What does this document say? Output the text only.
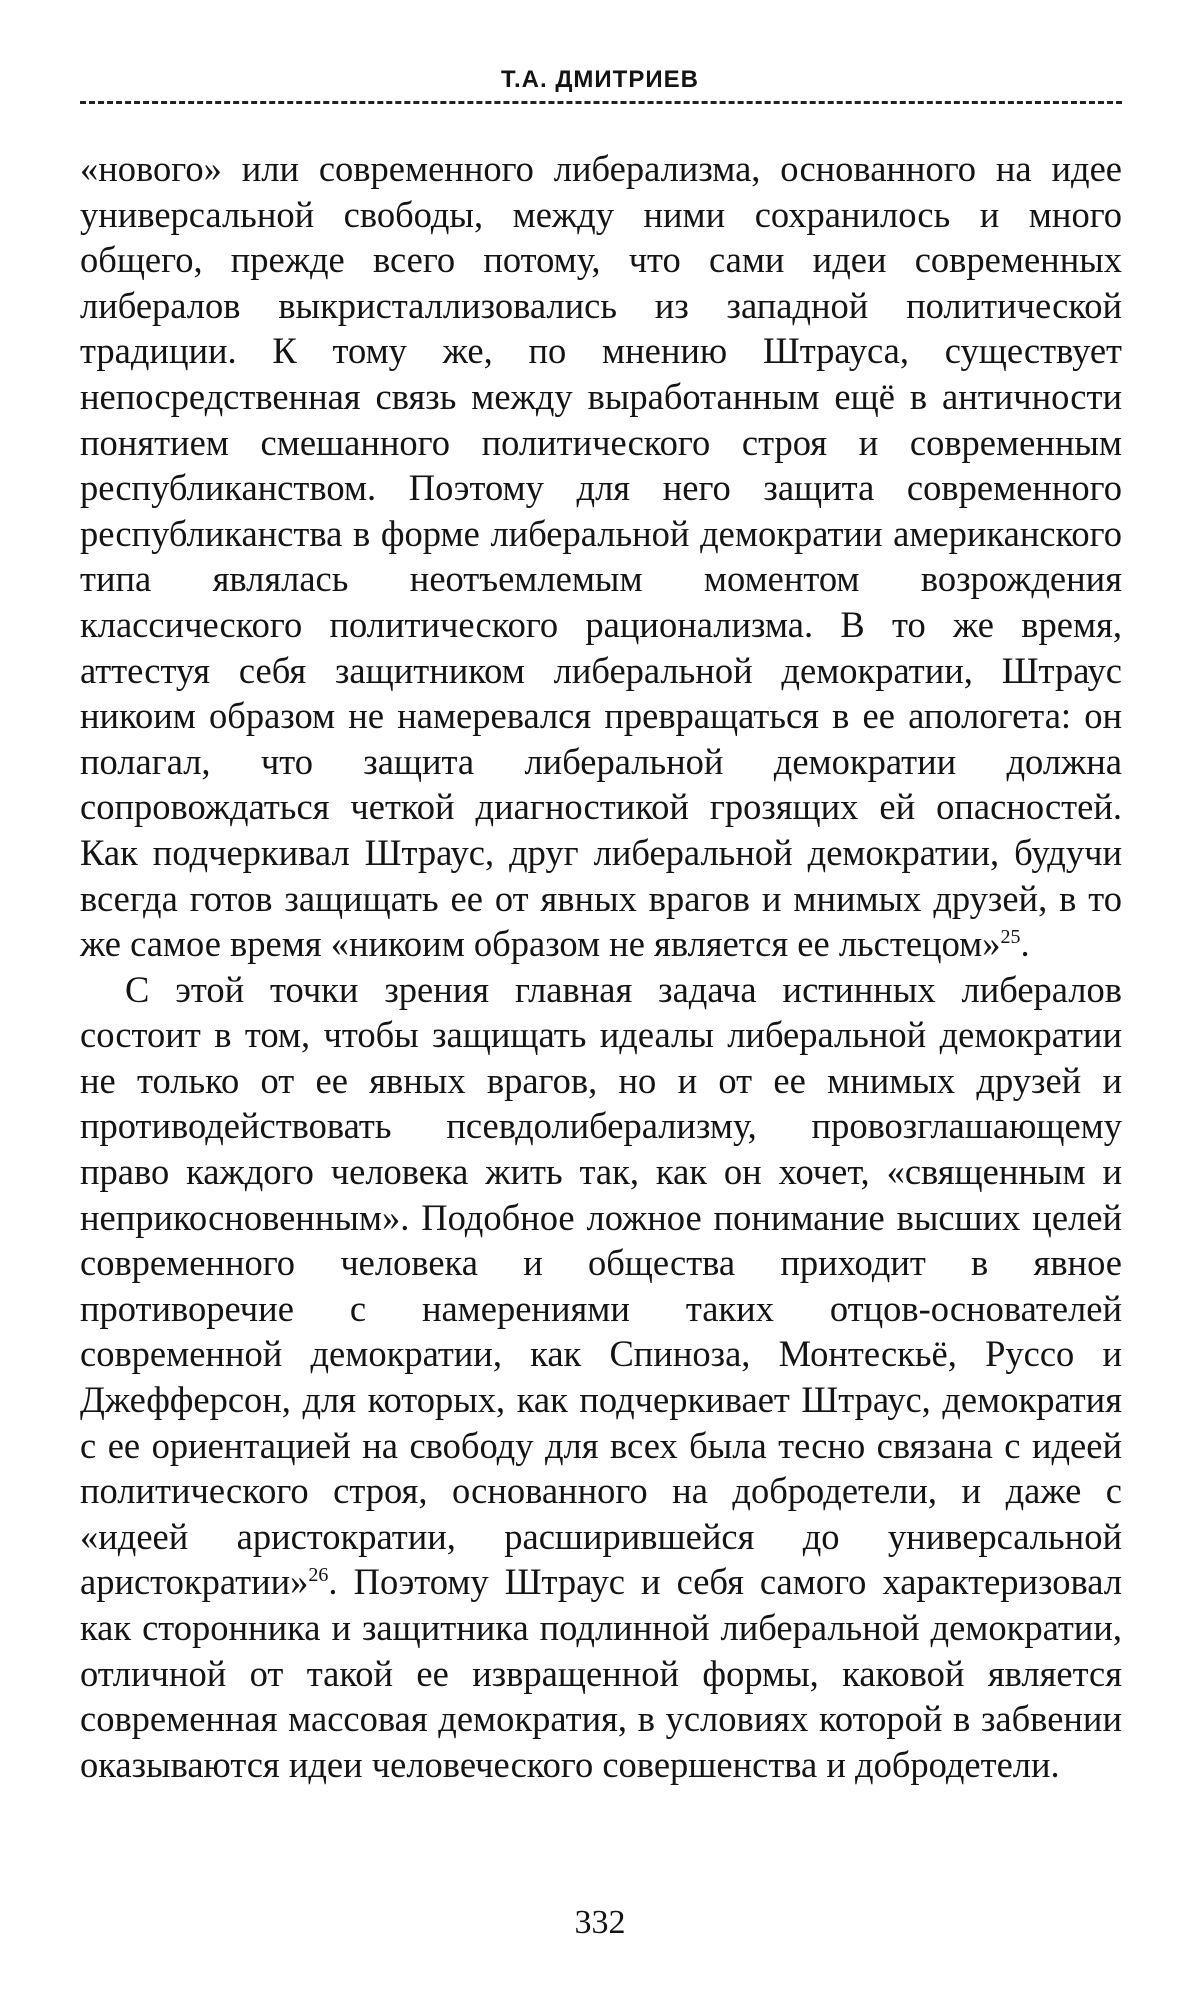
Т.А. ДМИТРИЕВ

«нового» или современного либерализма, основанного на идее универсальной свободы, между ними сохранилось и много общего, прежде всего потому, что сами идеи современных либералов выкристаллизовались из западной политической традиции. К тому же, по мнению Штрауса, существует непосредственная связь между выработанным ещё в античности понятием смешанного политического строя и современным республиканством. Поэтому для него защита современного республиканства в форме либеральной демократии американского типа являлась неотъемлемым моментом возрождения классического политического рационализма. В то же время, аттестуя себя защитником либеральной демократии, Штраус никоим образом не намеревался превращаться в ее апологета: он полагал, что защита либеральной демократии должна сопровождаться четкой диагностикой грозящих ей опасностей. Как подчеркивал Штраус, друг либеральной демократии, будучи всегда готов защищать ее от явных врагов и мнимых друзей, в то же самое время «никоим образом не является ее льстецом»$^{25}$.

С этой точки зрения главная задача истинных либералов состоит в том, чтобы защищать идеалы либеральной демократии не только от ее явных врагов, но и от ее мнимых друзей и противодействовать псевдолиберализму, провозглашающему право каждого человека жить так, как он хочет, «священным и неприкосновенным». Подобное ложное понимание высших целей современного человека и общества приходит в явное противоречие с намерениями таких отцов-основателей современной демократии, как Спиноза, Монтескьё, Руссо и Джефферсон, для которых, как подчеркивает Штраус, демократия с ее ориентацией на свободу для всех была тесно связана с идеей политического строя, основанного на добродетели, и даже с «идеей аристократии, расширившейся до универсальной аристократии»$^{26}$. Поэтому Штраус и себя самого характеризовал как сторонника и защитника подлинной либеральной демократии, отличной от такой ее извращенной формы, каковой является современная массовая демократия, в условиях которой в забвении оказываются идеи человеческого совершенства и добродетели.

332
